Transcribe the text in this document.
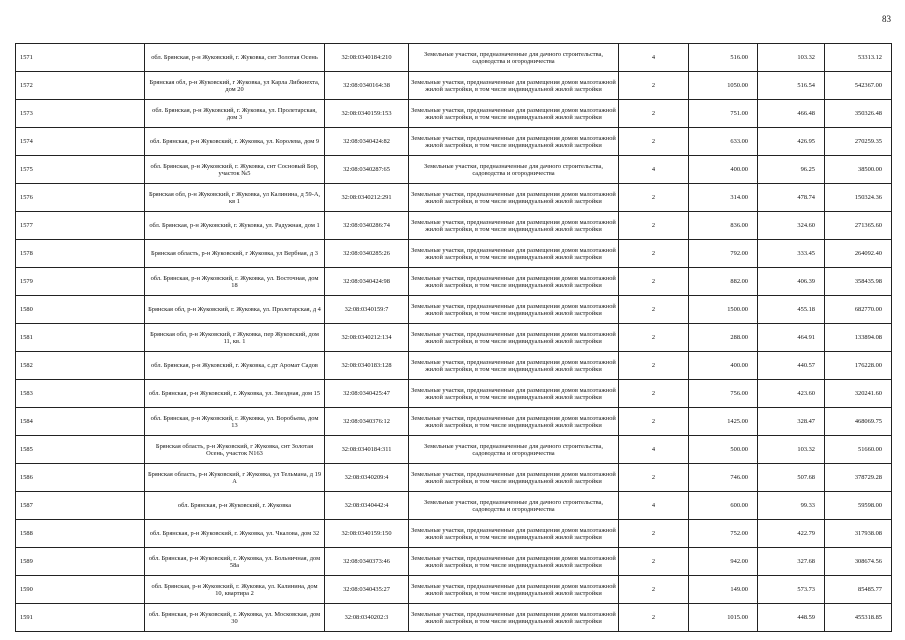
83
1571	обл. Брянская, р-н Жуковский, г. Жуковка, снт Золотая Осень	32:08:0340184:210	Земельные участки, предназначенные для дачного строительства, садоводства и огородничества	4	516.00	103.32	53313.12
1572	Брянская обл, р-н Жуковский, г Жуковка, ул Карла Либкнехта, дом 20	32:08:0340164:38	Земельные участки, предназначенные для размещения домов малоэтажной жилой застройки, в том числе индивидуальной жилой застройки	2	1050.00	516.54	542367.00
1573	обл. Брянская, р-н Жуковский, г. Жуковка, ул. Пролетарская, дом 3	32:08:0340159:153	Земельные участки, предназначенные для размещения домов малоэтажной жилой застройки, в том числе индивидуальной жилой застройки	2	751.00	466.48	350326.48
1574	обл. Брянская, р-н Жуковский, г. Жуковка, ул. Королева, дом 9	32:08:0340424:82	Земельные участки, предназначенные для размещения домов малоэтажной жилой застройки, в том числе индивидуальной жилой застройки	2	633.00	426.95	270259.35
1575	обл. Брянская, р-н Жуковский, г. Жуковка, снт Сосновый Бор, участок №5	32:08:0340287:65	Земельные участки, предназначенные для дачного строительства, садоводства и огородничества	4	400.00	96.25	38500.00
1576	Брянская обл, р-н Жуковский, г Жуковка, ул Калинина, д 59-А, кв 1	32:08:0340212:291	Земельные участки, предназначенные для размещения домов малоэтажной жилой застройки, в том числе индивидуальной жилой застройки	2	314.00	478.74	150324.36
1577	обл. Брянская, р-н Жуковский, г. Жуковка, ул. Радужная, дом 1	32:08:0340286:74	Земельные участки, предназначенные для размещения домов малоэтажной жилой застройки, в том числе индивидуальной жилой застройки	2	836.00	324.60	271365.60
1578	Брянская область, р-н Жуковский, г Жуковка, ул Вербная, д 3	32:08:0340285:26	Земельные участки, предназначенные для размещения домов малоэтажной жилой застройки, в том числе индивидуальной жилой застройки	2	792.00	333.45	264092.40
1579	обл. Брянская, р-н Жуковский, г. Жуковка, ул. Восточная, дом 18	32:08:0340424:98	Земельные участки, предназначенные для размещения домов малоэтажной жилой застройки, в том числе индивидуальной жилой застройки	2	882.00	406.39	358435.98
1580	Брянская обл, р-н Жуковский, г. Жуковка, ул. Пролетарская, д 4	32:08:0340159:7	Земельные участки, предназначенные для размещения домов малоэтажной жилой застройки, в том числе индивидуальной жилой застройки	2	1500.00	455.18	682770.00
1581	Брянская обл, р-н Жуковский, г Жуковка, пер Жуковский, дом 11, кв. 1	32:08:0340212:134	Земельные участки, предназначенные для размещения домов малоэтажной жилой застройки, в том числе индивидуальной жилой застройки	2	288.00	464.91	133894.08
1582	обл. Брянская, р-н Жуковский, г. Жуковка, с.дт Аромат Садов	32:08:0340183:128	Земельные участки, предназначенные для размещения домов малоэтажной жилой застройки, в том числе индивидуальной жилой застройки	2	400.00	440.57	176228.00
1583	обл. Брянская, р-н Жуковский, г. Жуковка, ул. Звездная, дом 15	32:08:0340425:47	Земельные участки, предназначенные для размещения домов малоэтажной жилой застройки, в том числе индивидуальной жилой застройки	2	756.00	423.60	320241.60
1584	обл. Брянская, р-н Жуковский, г. Жуковка, ул. Воробьева, дом 13	32:08:0340376:12	Земельные участки, предназначенные для размещения домов малоэтажной жилой застройки, в том числе индивидуальной жилой застройки	2	1425.00	328.47	468069.75
1585	Брянская область, р-н Жуковский, г Жуковка, снт Золотая Осень, участок N163	32:08:0340184:311	Земельные участки, предназначенные для дачного строительства, садоводства и огородничества	4	500.00	103.32	51660.00
1586	Брянская область, р-н Жуковский, г Жуковка, ул Тельмана, д 19 А	32:08:0340209:4	Земельные участки, предназначенные для размещения домов малоэтажной жилой застройки, в том числе индивидуальной жилой застройки	2	746.00	507.68	378729.28
1587	обл. Брянская, р-н Жуковский, г. Жуковка	32:08:0340442:4	Земельные участки, предназначенные для дачного строительства, садоводства и огородничества	4	600.00	99.33	59598.00
1588	обл. Брянская, р-н Жуковский, г. Жуковка, ул. Чкалова, дом 32	32:08:0340159:150	Земельные участки, предназначенные для размещения домов малоэтажной жилой застройки, в том числе индивидуальной жилой застройки	2	752.00	422.79	317938.08
1589	обл. Брянская, р-н Жуковский, г. Жуковка, ул. Больничная, дом 58а	32:08:0340373:46	Земельные участки, предназначенные для размещения домов малоэтажной жилой застройки, в том числе индивидуальной жилой застройки	2	942.00	327.68	308674.56
1590	обл. Брянская, р-н Жуковский, г. Жуковка, ул. Калинина, дом 10, квартира 2	32:08:0340435:27	Земельные участки, предназначенные для размещения домов малоэтажной жилой застройки, в том числе индивидуальной жилой застройки	2	149.00	573.73	85485.77
1591	обл. Брянская, р-н Жуковский, г. Жуковка, ул. Московская, дом 30	32:08:0340202:3	Земельные участки, предназначенные для размещения домов малоэтажной жилой застройки, в том числе индивидуальной жилой застройки	2	1015.00	448.59	455318.85
